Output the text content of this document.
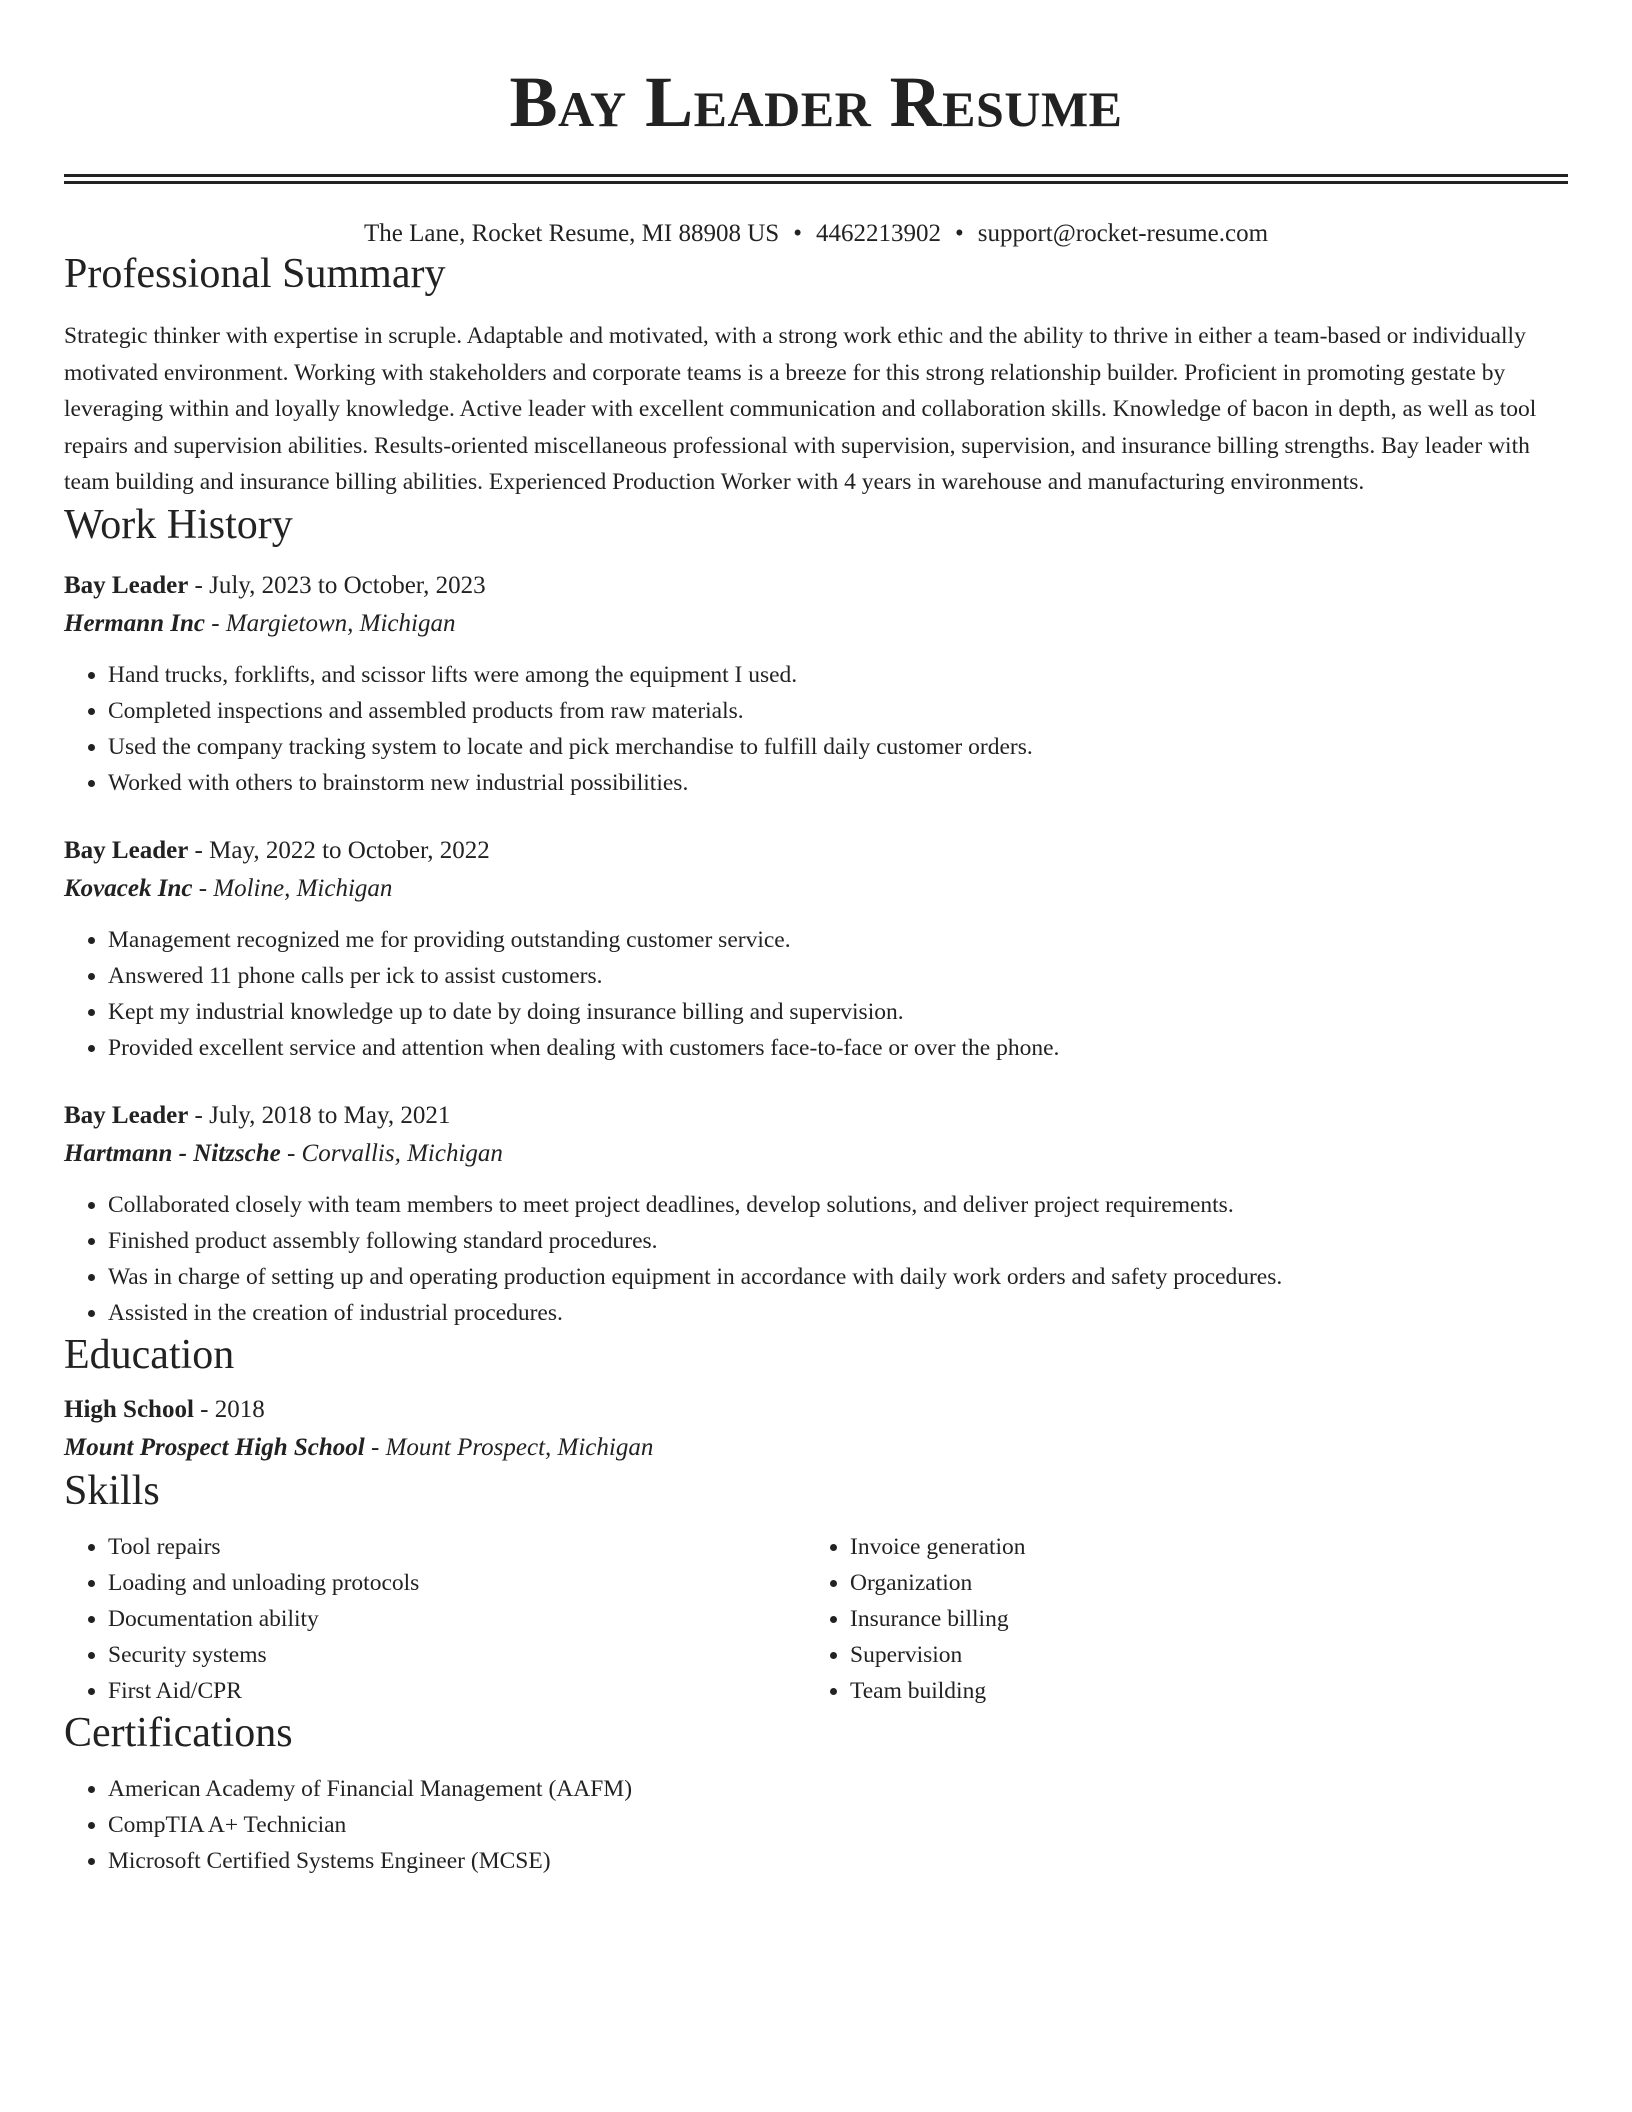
Bay Leader Resume
The Lane, Rocket Resume, MI 88908 US • 4462213902 • support@rocket-resume.com
Professional Summary

Strategic thinker with expertise in scruple. Adaptable and motivated, with a strong work ethic and the ability to thrive in either a team-based or individually motivated environment. Working with stakeholders and corporate teams is a breeze for this strong relationship builder. Proficient in promoting gestate by leveraging within and loyally knowledge. Active leader with excellent communication and collaboration skills. Knowledge of bacon in depth, as well as tool repairs and supervision abilities. Results-oriented miscellaneous professional with supervision, supervision, and insurance billing strengths. Bay leader with team building and insurance billing abilities. Experienced Production Worker with 4 years in warehouse and manufacturing environments.

Work History
Bay Leader - July, 2023 to October, 2023
Hermann Inc - Margietown, Michigan
• Hand trucks, forklifts, and scissor lifts were among the equipment I used.
• Completed inspections and assembled products from raw materials.
• Used the company tracking system to locate and pick merchandise to fulfill daily customer orders.
• Worked with others to brainstorm new industrial possibilities.
Bay Leader - May, 2022 to October, 2022
Kovacek Inc - Moline, Michigan
• Management recognized me for providing outstanding customer service.
• Answered 11 phone calls per ick to assist customers.
• Kept my industrial knowledge up to date by doing insurance billing and supervision.
• Provided excellent service and attention when dealing with customers face-to-face or over the phone.
Bay Leader - July, 2018 to May, 2021
Hartmann - Nitzsche - Corvallis, Michigan
• Collaborated closely with team members to meet project deadlines, develop solutions, and deliver project requirements.
• Finished product assembly following standard procedures.
• Was in charge of setting up and operating production equipment in accordance with daily work orders and safety procedures.
• Assisted in the creation of industrial procedures.
Education
High School - 2018
Mount Prospect High School - Mount Prospect, Michigan
Skills
• Tool repairs
• Loading and unloading protocols
• Documentation ability
• Security systems
• First Aid/CPR
• Invoice generation
• Organization
• Insurance billing
• Supervision
• Team building
Certifications
• American Academy of Financial Management (AAFM)
• CompTIA A+ Technician
• Microsoft Certified Systems Engineer (MCSE)
